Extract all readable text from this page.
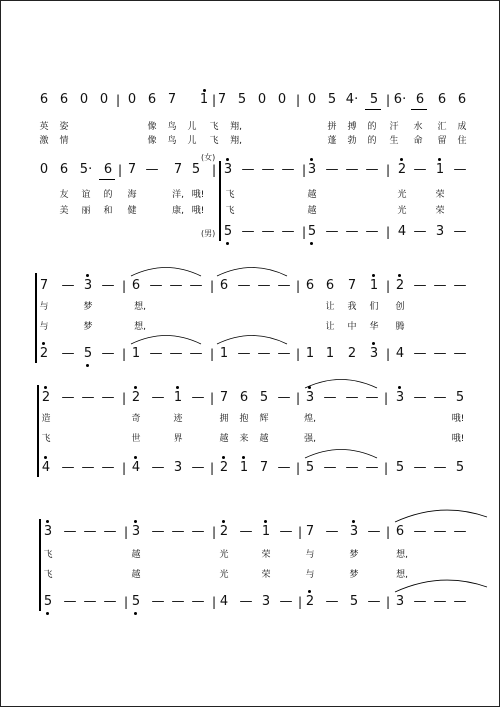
6 6 0 0 | 0 6 7 1 | 7 5 0 0 | 0 5 4· 5 | 6· 6 6 6
英	姿	像	鸟	儿	飞	翔,	拼	搏	的	汗	水	汇	成
激	情	像	鸟	儿	飞	翔,	蓬	勃	的	生	命	留	住
(女)
0 6 5· 6 | 7 — 7 5 | 3 — — — | 3 — — — | 2 — 1 —
友	谊	的	海	洋, 哦!	飞	越	光	荣
美	丽	和	健	康, 哦!	飞	越	光	荣
(男) 5 — — — | 5 — — — | 4 — 3 —
7 — 3 — | 6 — — — | 6 — — — | 6 6 7 1 | 2 — — —
与	梦	想,	让	我	们	创
与	梦	想,	让	中	华	腾
2 — 5 — | 1 — — — | 1 — — — | 1 1 2 3 | 4 — — —
2 — — — | 2 — 1 — | 7 6 5 — | 3 — — — | 3 — — 5
造	奇	迹	拥	抱	辉	煌,	哦!
飞	世	界	越	来	越	强,	哦!
4 — — — | 4 — 3 — | 2 1 7 — | 5 — — — | 5 — — 5
3 — — — | 3 — — — | 2 — 1 — | 7 — 3 — | 6 — — —
飞	越	光	荣	与	梦	想,
飞	越	光	荣	与	梦	想,
5 — — — | 5 — — — | 4 — 3 — | 2 — 5 — | 3 — — —
